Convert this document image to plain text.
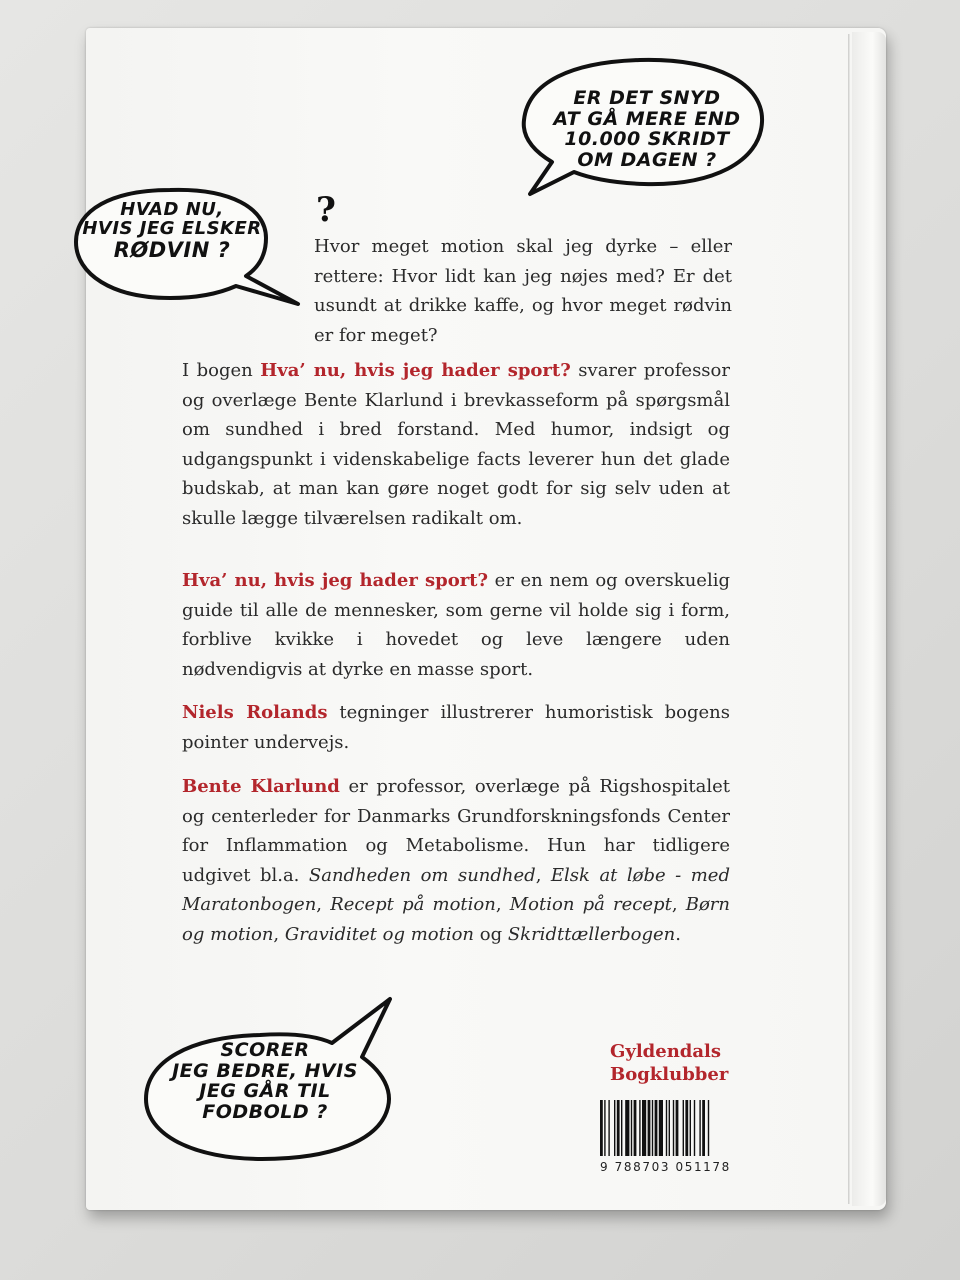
ER DET SNYD
AT GÅ MERE END
10.000 SKRIDT
OM DAGEN ?
HVAD NU,
HVIS JEG ELSKER
RØDVIN ?
SCORER
JEG BEDRE, HVIS
JEG GÅR TIL
FODBOLD ?
?
Hvor meget motion skal jeg dyrke – eller rettere: Hvor lidt kan jeg nøjes med? Er det usundt at drikke kaffe, og hvor meget rødvin er for meget?
I bogen Hva’ nu, hvis jeg hader sport? svarer professor og overlæge Bente Klarlund i brevkasseform på spørgsmål om sundhed i bred forstand. Med humor, indsigt og udgangspunkt i videnskabelige facts leverer hun det glade budskab, at man kan gøre noget godt for sig selv uden at skulle lægge tilværelsen radikalt om.
Hva’ nu, hvis jeg hader sport? er en nem og overskuelig guide til alle de mennesker, som gerne vil holde sig i form, forblive kvikke i hovedet og leve længere uden nødvendigvis at dyrke en masse sport.
Niels Rolands tegninger illustrerer humoristisk bogens pointer undervejs.
Bente Klarlund er professor, overlæge på Rigshospitalet og centerleder for Danmarks Grundforskningsfonds Center for Inflammation og Metabolisme. Hun har tidligere udgivet bl.a. Sandheden om sundhed, Elsk at løbe - med Maratonbogen, Recept på motion, Motion på recept, Børn og motion, Graviditet og motion og Skridttællerbogen.
Gyldendals
Bogklubber
9 788703 051178
